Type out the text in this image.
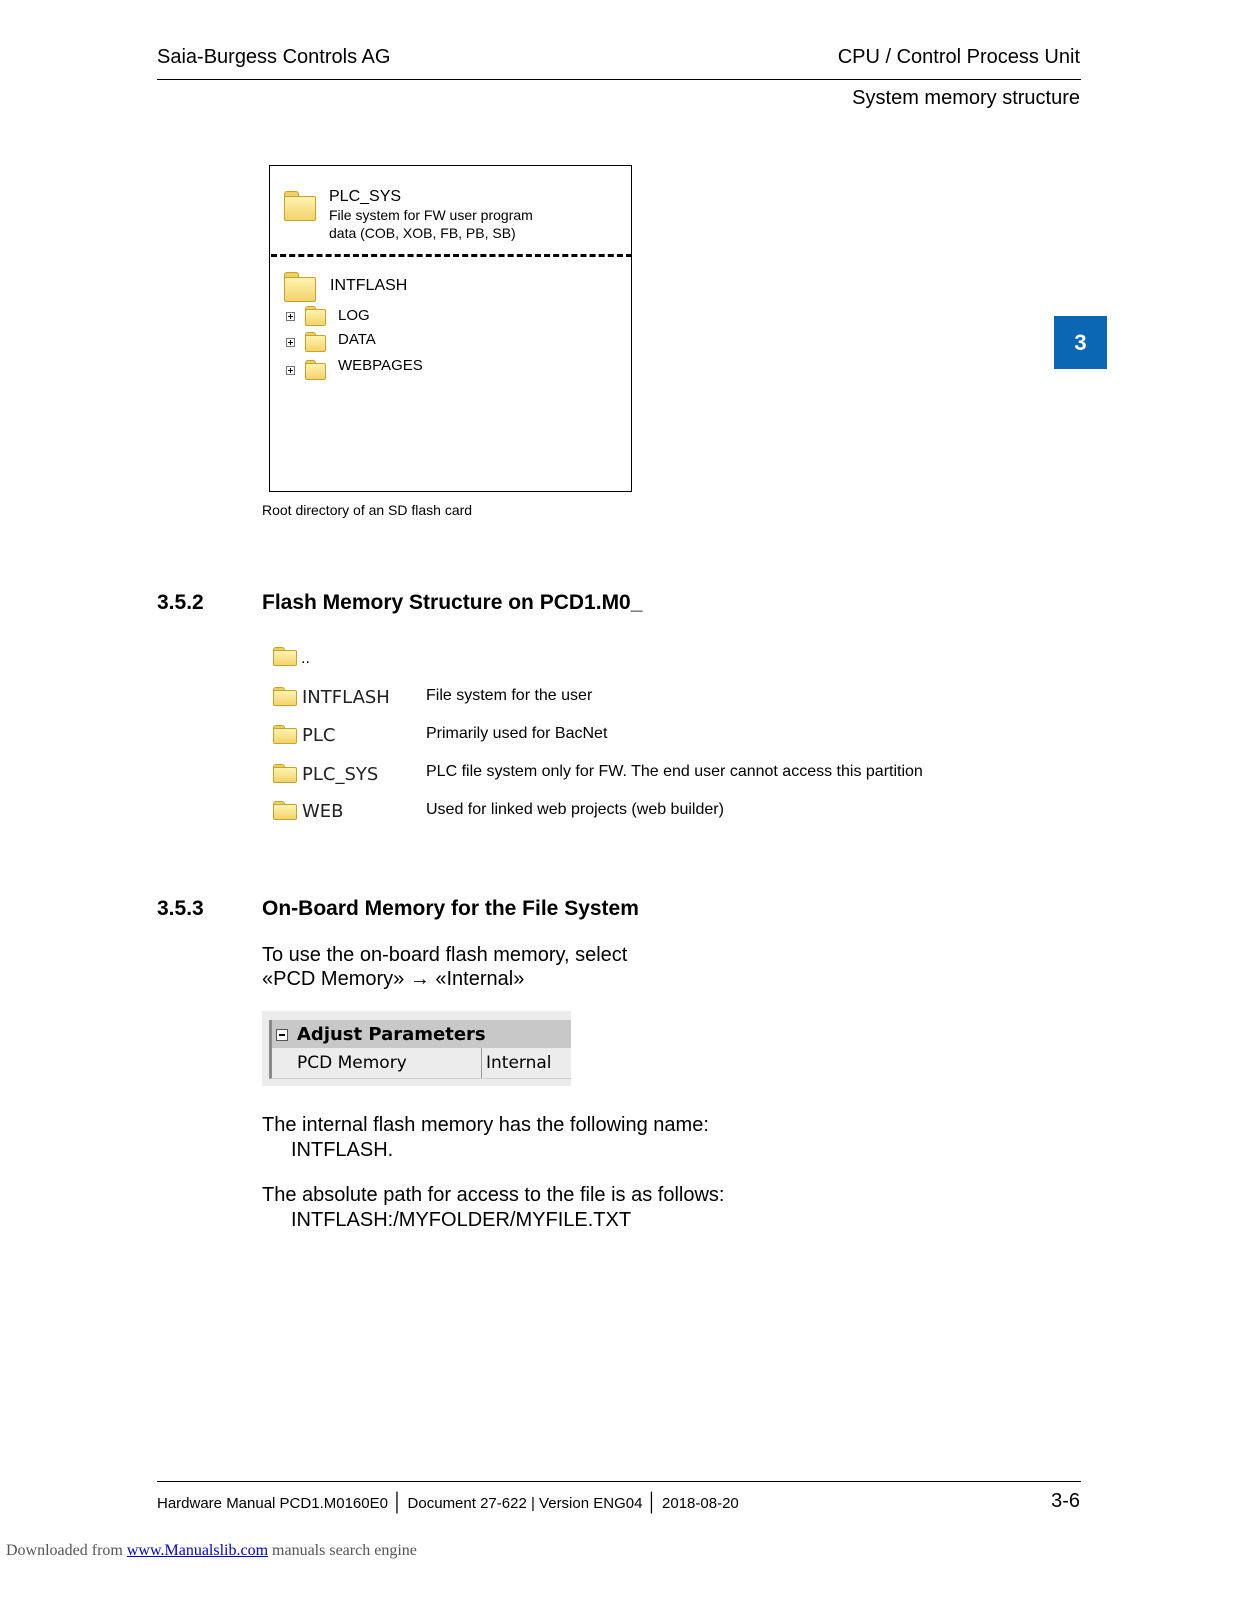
Saia-Burgess Controls AG	CPU / Control Process Unit
System memory structure
3
PLC_SYS
File system for FW user program
data (COB, XOB, FB, PB, SB)
INTFLASH
LOG
DATA
WEBPAGES
Root directory of an SD flash card
3.5.2	Flash Memory Structure on PCD1.M0_
..
INTFLASH File system for the user
PLC	Primarily used for BacNet
PLC_SYS	PLC file system only for FW. The end user cannot access this partition
WEB	Used for linked web projects (web builder)
3.5.3	On-Board Memory for the File System
To use the on-board flash memory, select
«PCD Memory» → «Internal»
Adjust Parameters
PCD Memory	Internal
The internal flash memory has the following name:
INTFLASH.
The absolute path for access to the file is as follows:
INTFLASH:/MYFOLDER/MYFILE.TXT
Hardware Manual PCD1.M0160E0 │ Document 27-622 | Version ENG04 │ 2018-08-20	3-6
Downloaded from www.Manualslib.com manuals search engine
